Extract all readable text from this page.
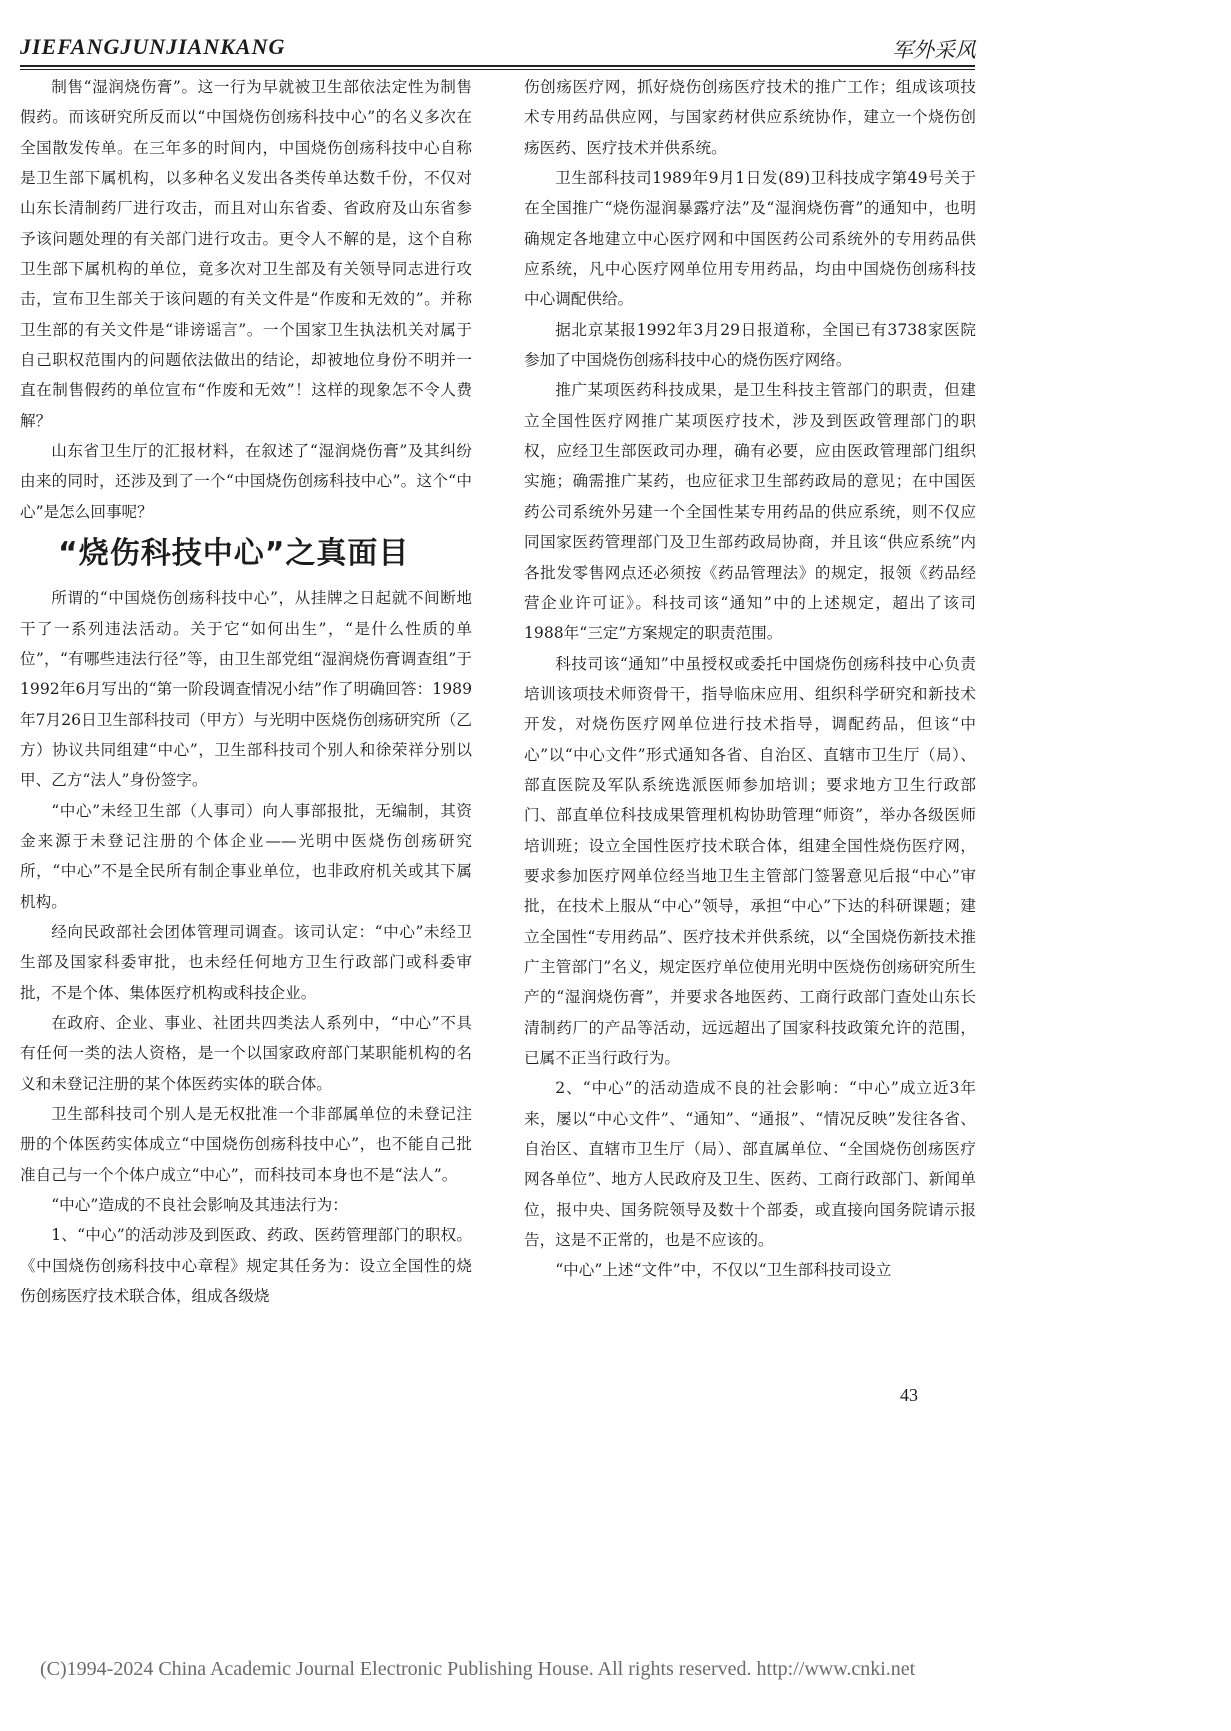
JIEFANGJUNJIANKANG	军外采风

制售“湿润烧伤膏”。这一行为早就被卫生部依法定性为制售假药。而该研究所反而以“中国烧伤创疡科技中心”的名义多次在全国散发传单。在三年多的时间内，中国烧伤创疡科技中心自称是卫生部下属机构，以多种名义发出各类传单达数千份，不仅对山东长清制药厂进行攻击，而且对山东省委、省政府及山东省参予该问题处理的有关部门进行攻击。更令人不解的是，这个自称卫生部下属机构的单位，竟多次对卫生部及有关领导同志进行攻击，宣布卫生部关于该问题的有关文件是“作废和无效的”。并称卫生部的有关文件是“诽谤谣言”。一个国家卫生执法机关对属于自己职权范围内的问题依法做出的结论，却被地位身份不明并一直在制售假药的单位宣布“作废和无效”！这样的现象怎不令人费解？

山东省卫生厅的汇报材料，在叙述了“湿润烧伤膏”及其纠纷由来的同时，还涉及到了一个“中国烧伤创疡科技中心”。这个“中心”是怎么回事呢？

“烧伤科技中心”之真面目

所谓的“中国烧伤创疡科技中心”，从挂牌之日起就不间断地干了一系列违法活动。关于它“如何出生”，“是什么性质的单位”，“有哪些违法行径”等，由卫生部党组“湿润烧伤膏调查组”于1992年6月写出的“第一阶段调查情况小结”作了明确回答：1989年7月26日卫生部科技司（甲方）与光明中医烧伤创疡研究所（乙方）协议共同组建“中心”，卫生部科技司个别人和徐荣祥分别以甲、乙方“法人”身份签字。

“中心”未经卫生部（人事司）向人事部报批，无编制，其资金来源于未登记注册的个体企业——光明中医烧伤创疡研究所，“中心”不是全民所有制企事业单位，也非政府机关或其下属机构。

经向民政部社会团体管理司调查。该司认定：“中心”未经卫生部及国家科委审批，也未经任何地方卫生行政部门或科委审批，不是个体、集体医疗机构或科技企业。

在政府、企业、事业、社团共四类法人系列中，“中心”不具有任何一类的法人资格，是一个以国家政府部门某职能机构的名义和未登记注册的某个体医药实体的联合体。

卫生部科技司个别人是无权批准一个非部属单位的未登记注册的个体医药实体成立“中国烧伤创疡科技中心”，也不能自己批准自己与一个个体户成立“中心”，而科技司本身也不是“法人”。

“中心”造成的不良社会影响及其违法行为：

1、“中心”的活动涉及到医政、药政、医药管理部门的职权。《中国烧伤创疡科技中心章程》规定其任务为：设立全国性的烧伤创疡医疗技术联合体，组成各级烧

伤创疡医疗网，抓好烧伤创疡医疗技术的推广工作；组成该项技术专用药品供应网，与国家药材供应系统协作，建立一个烧伤创疡医药、医疗技术并供系统。

卫生部科技司1989年9月1日发(89)卫科技成字第49号关于在全国推广“烧伤湿润暴露疗法”及“湿润烧伤膏”的通知中，也明确规定各地建立中心医疗网和中国医药公司系统外的专用药品供应系统，凡中心医疗网单位用专用药品，均由中国烧伤创疡科技中心调配供给。

据北京某报1992年3月29日报道称，全国已有3738家医院参加了中国烧伤创疡科技中心的烧伤医疗网络。

推广某项医药科技成果，是卫生科技主管部门的职责，但建立全国性医疗网推广某项医疗技术，涉及到医政管理部门的职权，应经卫生部医政司办理，确有必要，应由医政管理部门组织实施；确需推广某药，也应征求卫生部药政局的意见；在中国医药公司系统外另建一个全国性某专用药品的供应系统，则不仅应同国家医药管理部门及卫生部药政局协商，并且该“供应系统”内各批发零售网点还必须按《药品管理法》的规定，报领《药品经营企业许可证》。科技司该“通知”中的上述规定，超出了该司1988年“三定”方案规定的职责范围。

科技司该“通知”中虽授权或委托中国烧伤创疡科技中心负责培训该项技术师资骨干，指导临床应用、组织科学研究和新技术开发，对烧伤医疗网单位进行技术指导，调配药品，但该“中心”以“中心文件”形式通知各省、自治区、直辖市卫生厅（局）、部直医院及军队系统选派医师参加培训；要求地方卫生行政部门、部直单位科技成果管理机构协助管理“师资”，举办各级医师培训班；设立全国性医疗技术联合体，组建全国性烧伤医疗网，要求参加医疗网单位经当地卫生主管部门签署意见后报“中心”审批，在技术上服从“中心”领导，承担“中心”下达的科研课题；建立全国性“专用药品”、医疗技术并供系统，以“全国烧伤新技术推广主管部门”名义，规定医疗单位使用光明中医烧伤创疡研究所生产的“湿润烧伤膏”，并要求各地医药、工商行政部门查处山东长清制药厂的产品等活动，远远超出了国家科技政策允许的范围，已属不正当行政行为。

2、“中心”的活动造成不良的社会影响：“中心”成立近3年来，屡以“中心文件”、“通知”、“通报”、“情况反映”发往各省、自治区、直辖市卫生厅（局）、部直属单位、“全国烧伤创疡医疗网各单位”、地方人民政府及卫生、医药、工商行政部门、新闻单位，报中央、国务院领导及数十个部委，或直接向国务院请示报告，这是不正常的，也是不应该的。

“中心”上述“文件”中，不仅以“卫生部科技司设立

43

(C)1994-2024 China Academic Journal Electronic Publishing House. All rights reserved. http://www.cnki.net
